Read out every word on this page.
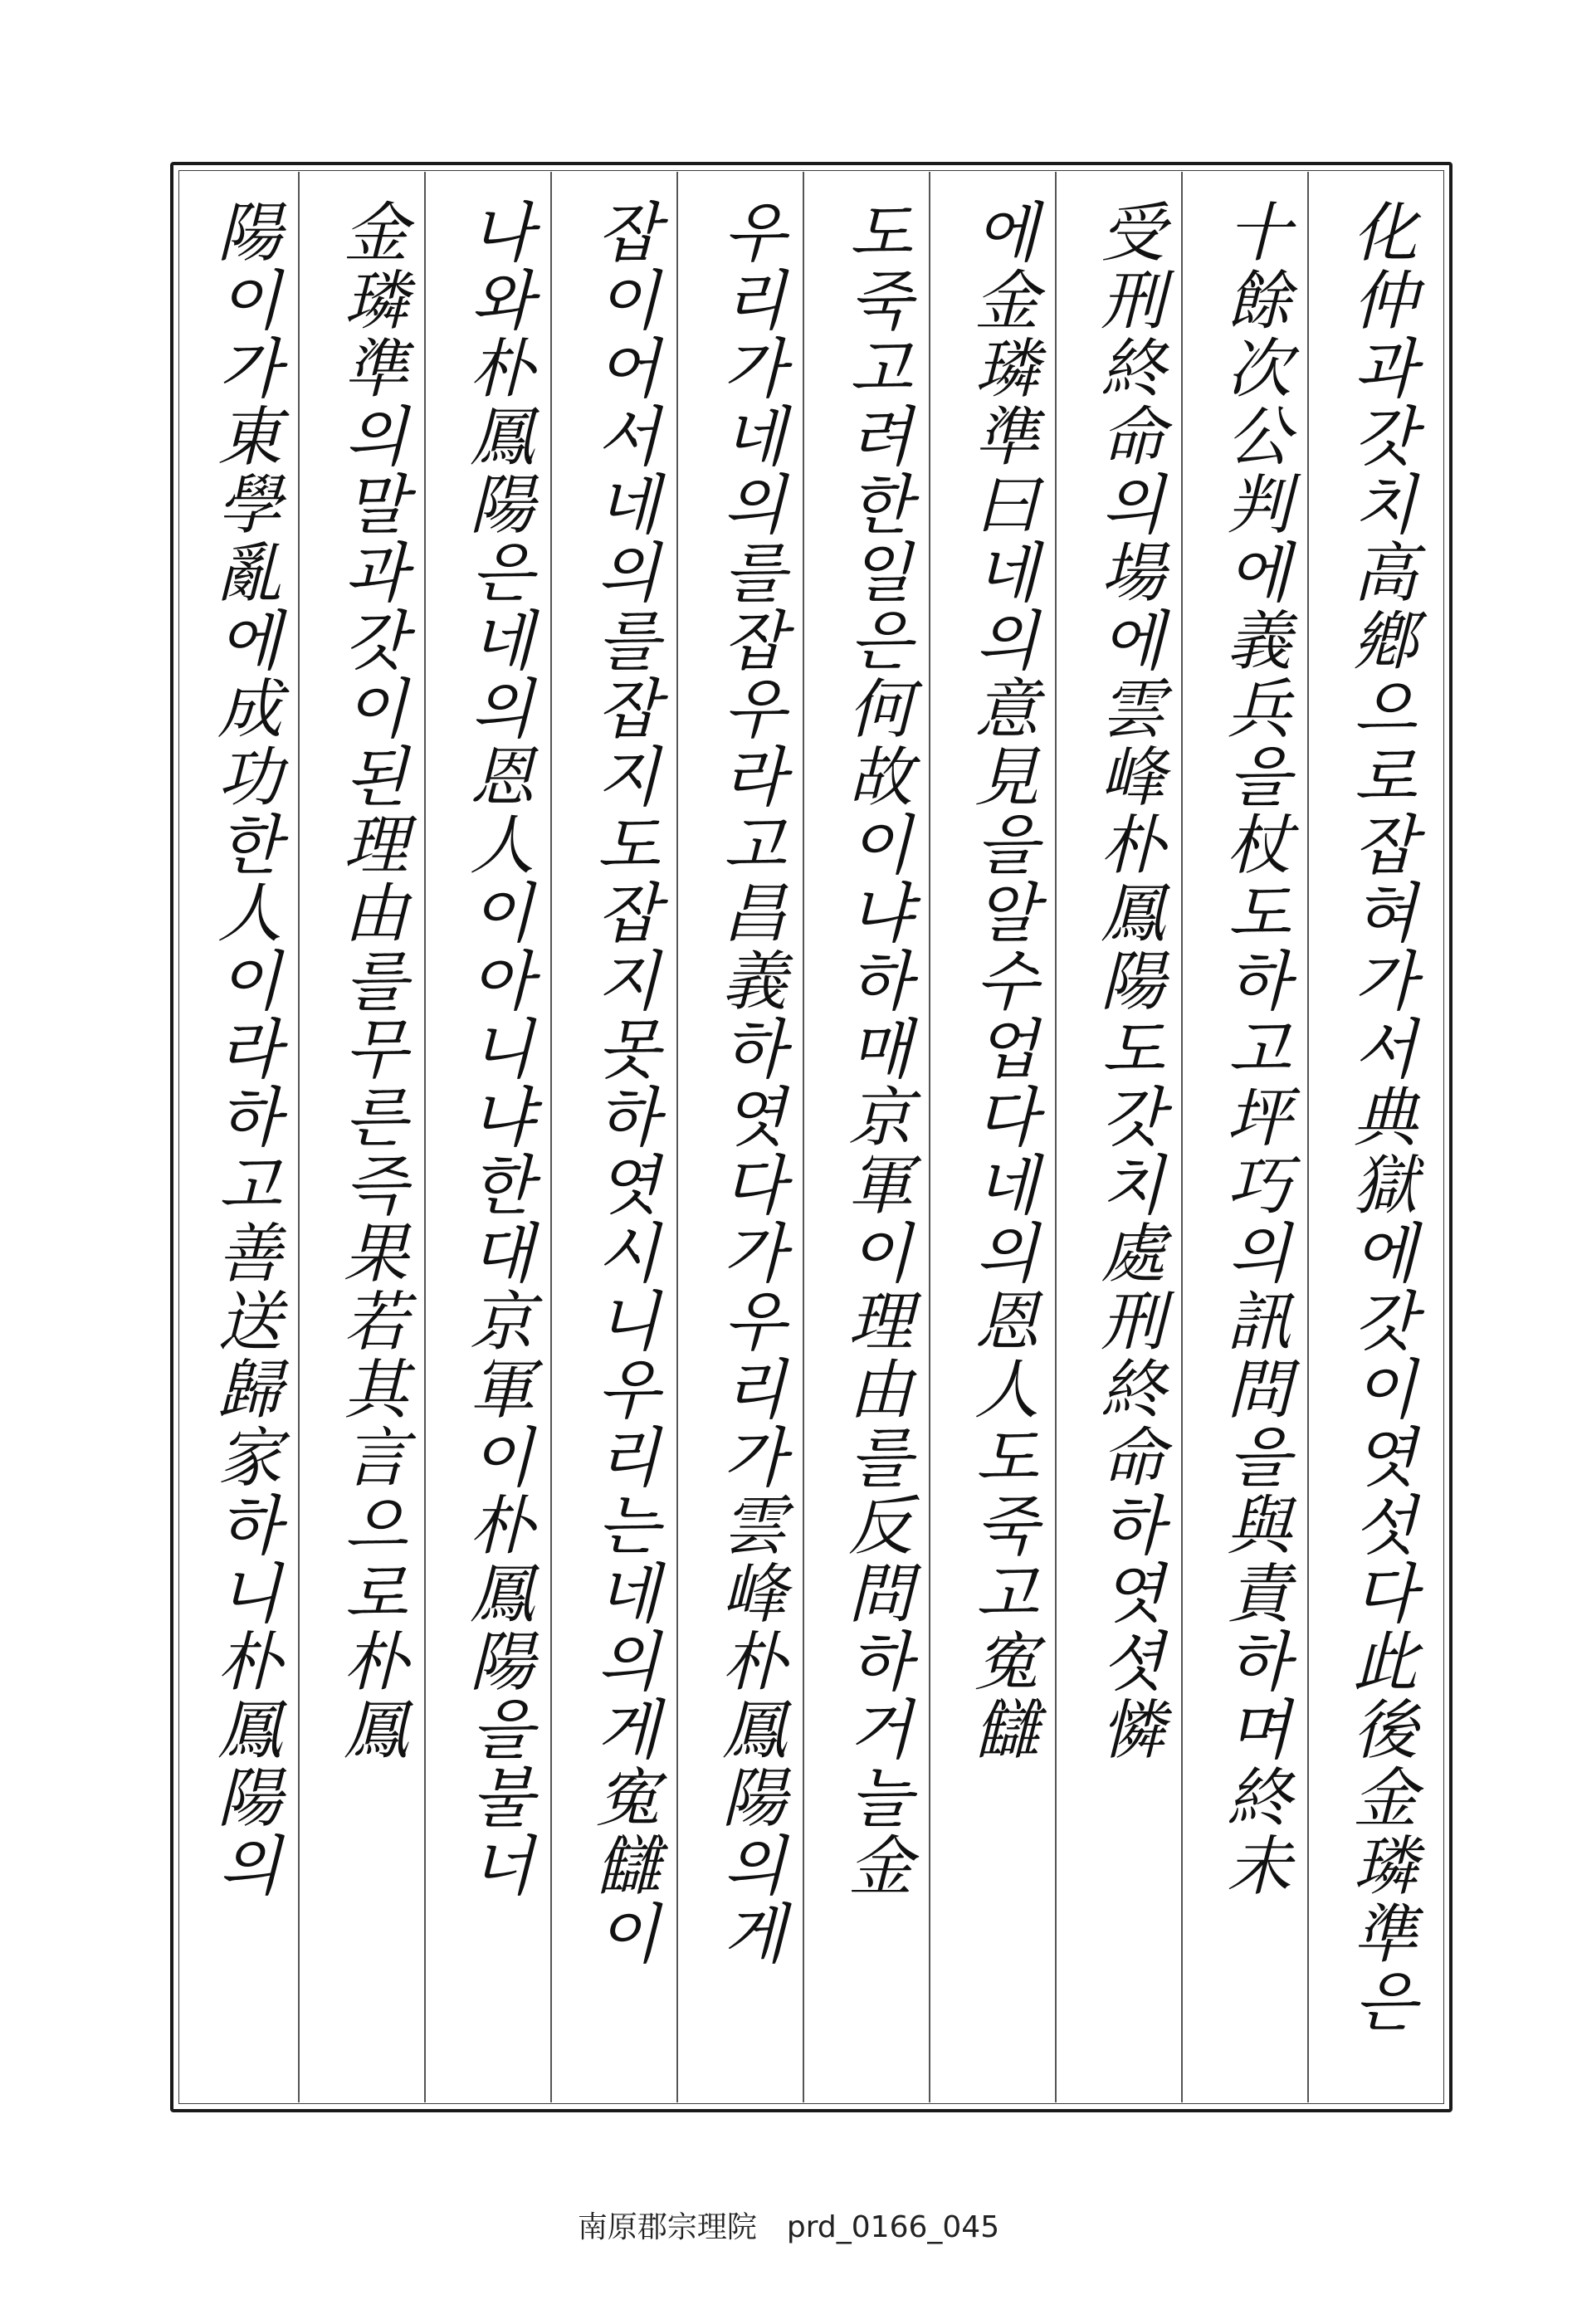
化仲과갓치高鄕으로잡혀가서典獄에갓이엿섯다此後金璘準은
十餘次公判에義兵을杖도하고坪巧의訊問을與責하며終未
受刑終命의場에雲峰朴鳳陽도갓치處刑終命하엿셧憐
에金璘準曰네의意見을알수업다네의恩人도죽고寃讎
도죽고려한일은何故이냐하매京軍이理由를反問하거늘金
우리가네의를잡우라고昌義하엿다가우리가雲峰朴鳳陽의게
잡이어서네의를잡지도잡지못하엿시니우리는네의게寃讎이
나와朴鳳陽은네의恩人이아니냐한대京軍이朴鳳陽을불너
金璘準의말과갓이된理由를무른즉果若其言으로朴鳳
陽이가東學亂에成功한人이라하고善送歸家하니朴鳳陽의
南原郡宗理院　prd_0166_045
